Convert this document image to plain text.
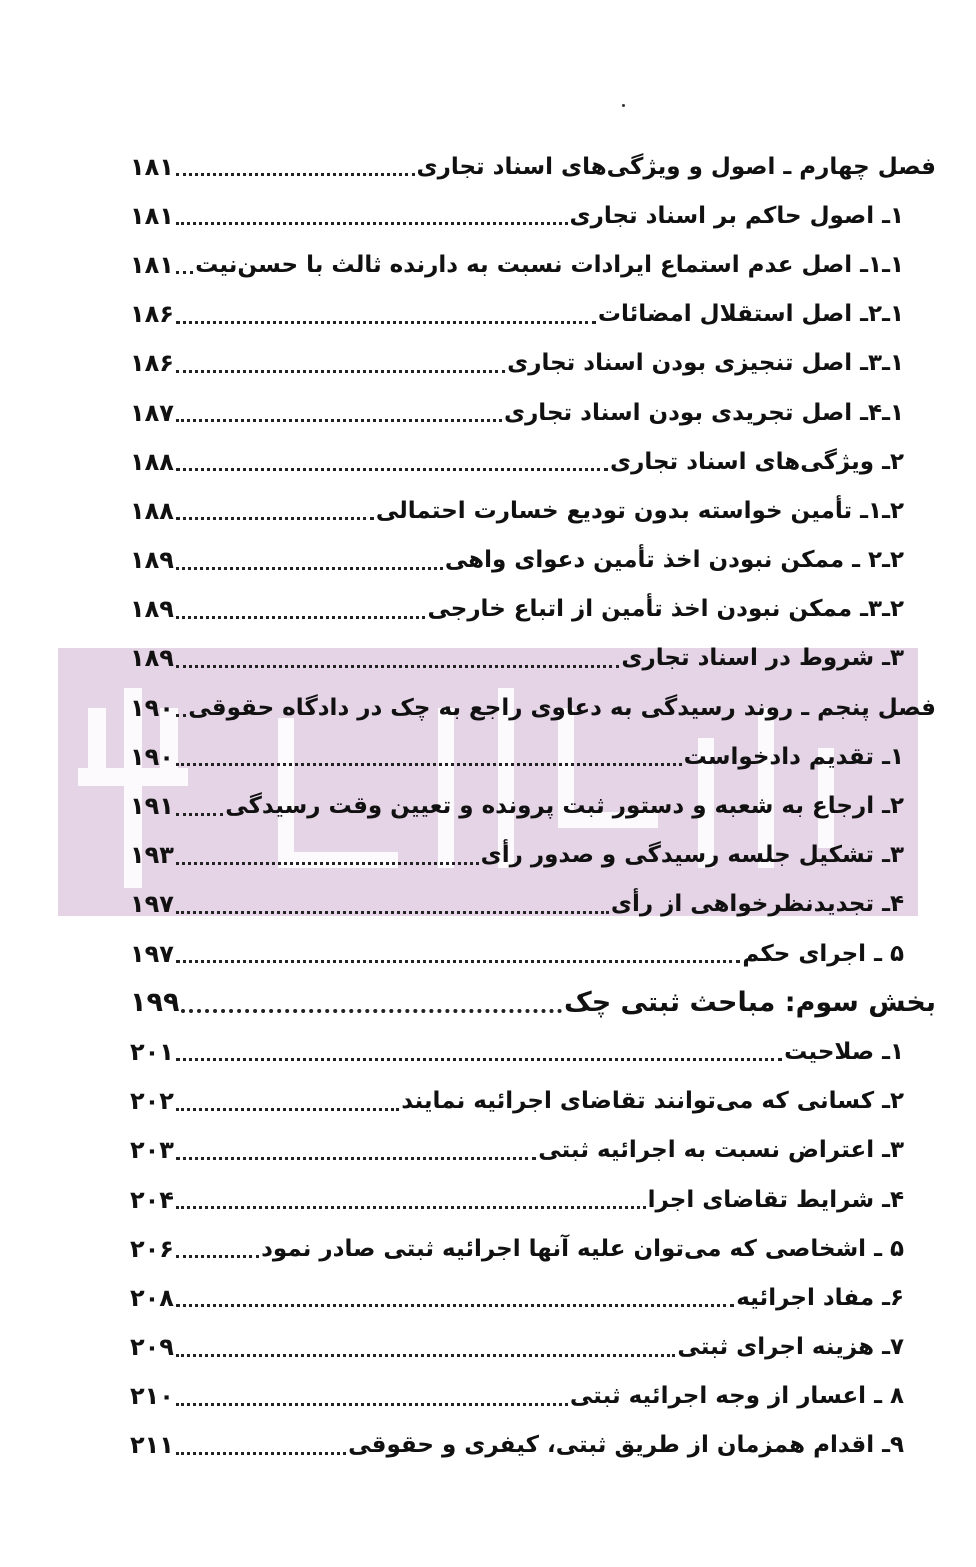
فصل چهارم ـ اصول و ویژگی‌های اسناد تجاری
۱۸۱
۱ـ اصول حاکم بر اسناد تجاری
۱۸۱
۱ـ۱ـ اصل عدم استماع ایرادات نسبت به دارنده ثالث با حسن‌نیت
۱۸۱
۱ـ۲ـ اصل استقلال امضائات
۱۸۶
۱ـ۳ـ اصل تنجیزی بودن اسناد تجاری
۱۸۶
۱ـ۴ـ اصل تجریدی بودن اسناد تجاری
۱۸۷
۲ـ ویژگی‌های اسناد تجاری
۱۸۸
۲ـ۱ـ تأمین خواسته بدون تودیع خسارت احتمالی
۱۸۸
۲ـ۲ ـ ممکن نبودن اخذ تأمین دعوای واهی
۱۸۹
۲ـ۳ـ ممکن نبودن اخذ تأمین از اتباع خارجی
۱۸۹
۳ـ شروط در اسناد تجاری
۱۸۹
فصل پنجم ـ روند رسیدگی به دعاوی راجع به چک در دادگاه حقوقی
۱۹۰
۱ـ تقدیم دادخواست
۱۹۰
۲ـ ارجاع به شعبه و دستور ثبت پرونده و تعیین وقت رسیدگی
۱۹۱
۳ـ تشکیل جلسه رسیدگی و صدور رأی
۱۹۳
۴ـ تجدیدنظرخواهی از رأی
۱۹۷
۵ ـ اجرای حکم
۱۹۷
بخش سوم: مباحث ثبتی چک
۱۹۹
۱ـ صلاحیت
۲۰۱
۲ـ کسانی که می‌توانند تقاضای اجرائیه نمایند
۲۰۲
۳ـ اعتراض نسبت به اجرائیه ثبتی
۲۰۳
۴ـ شرایط تقاضای اجرا
۲۰۴
۵ ـ اشخاصی که می‌توان علیه آنها اجرائیه ثبتی صادر نمود
۲۰۶
۶ـ مفاد اجرائیه
۲۰۸
۷ـ هزینه اجرای ثبتی
۲۰۹
۸ ـ اعسار از وجه اجرائیه ثبتی
۲۱۰
۹ـ اقدام همزمان از طریق ثبتی، کیفری و حقوقی
۲۱۱
